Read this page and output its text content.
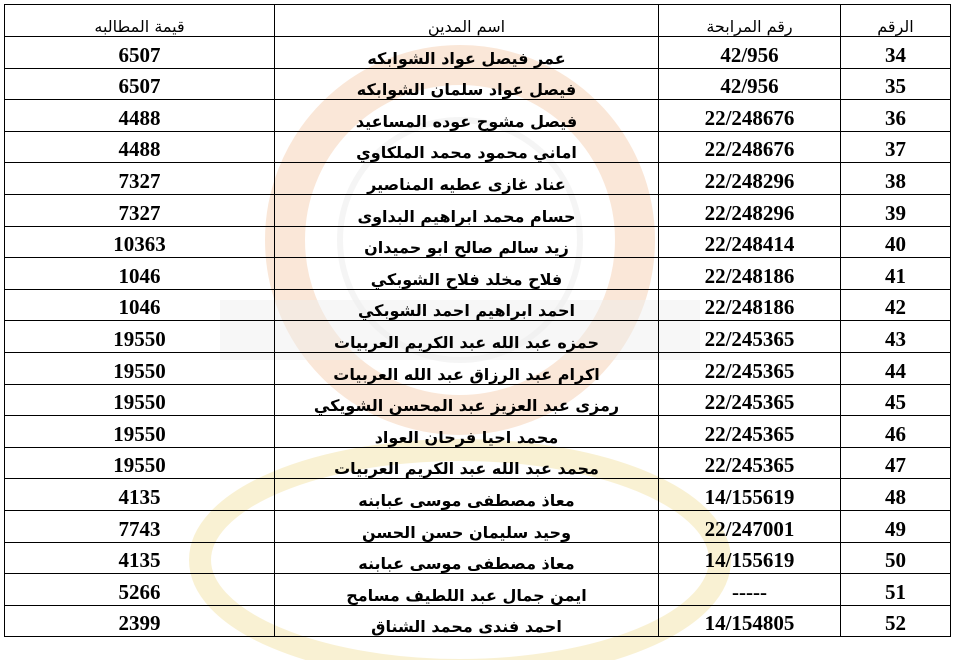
الرقم	رقم المرابحة	اسم المدين	قيمة المطالبه
34	42/956	عمر فيصل عواد الشوابكه	6507
35	42/956	فيصل عواد سلمان الشوابكه	6507
36	22/248676	فيصل مشوح عوده المساعيد	4488
37	22/248676	اماني محمود محمد الملكاوي	4488
38	22/248296	عناد غازى عطيه المناصير	7327
39	22/248296	حسام محمد ابراهيم البداوى	7327
40	22/248414	زيد سالم صالح ابو حميدان	10363
41	22/248186	فلاح مخلد فلاح الشوبكي	1046
42	22/248186	احمد ابراهيم احمد الشوبكي	1046
43	22/245365	حمزه عبد الله عبد الكريم العربيات	19550
44	22/245365	اكرام عبد الرزاق عبد الله العربيات	19550
45	22/245365	رمزى عبد العزيز عبد المحسن الشويكي	19550
46	22/245365	محمد احيا فرحان العواد	19550
47	22/245365	محمد عبد الله عبد الكريم العربيات	19550
48	14/155619	معاذ مصطفى موسى عبابنه	4135
49	22/247001	وحيد سليمان حسن الحسن	7743
50	14/155619	معاذ مصطفى موسى عبابنه	4135
51	-----	ايمن جمال عبد اللطيف مسامح	5266
52	14/154805	احمد فندى محمد الشناق	2399
